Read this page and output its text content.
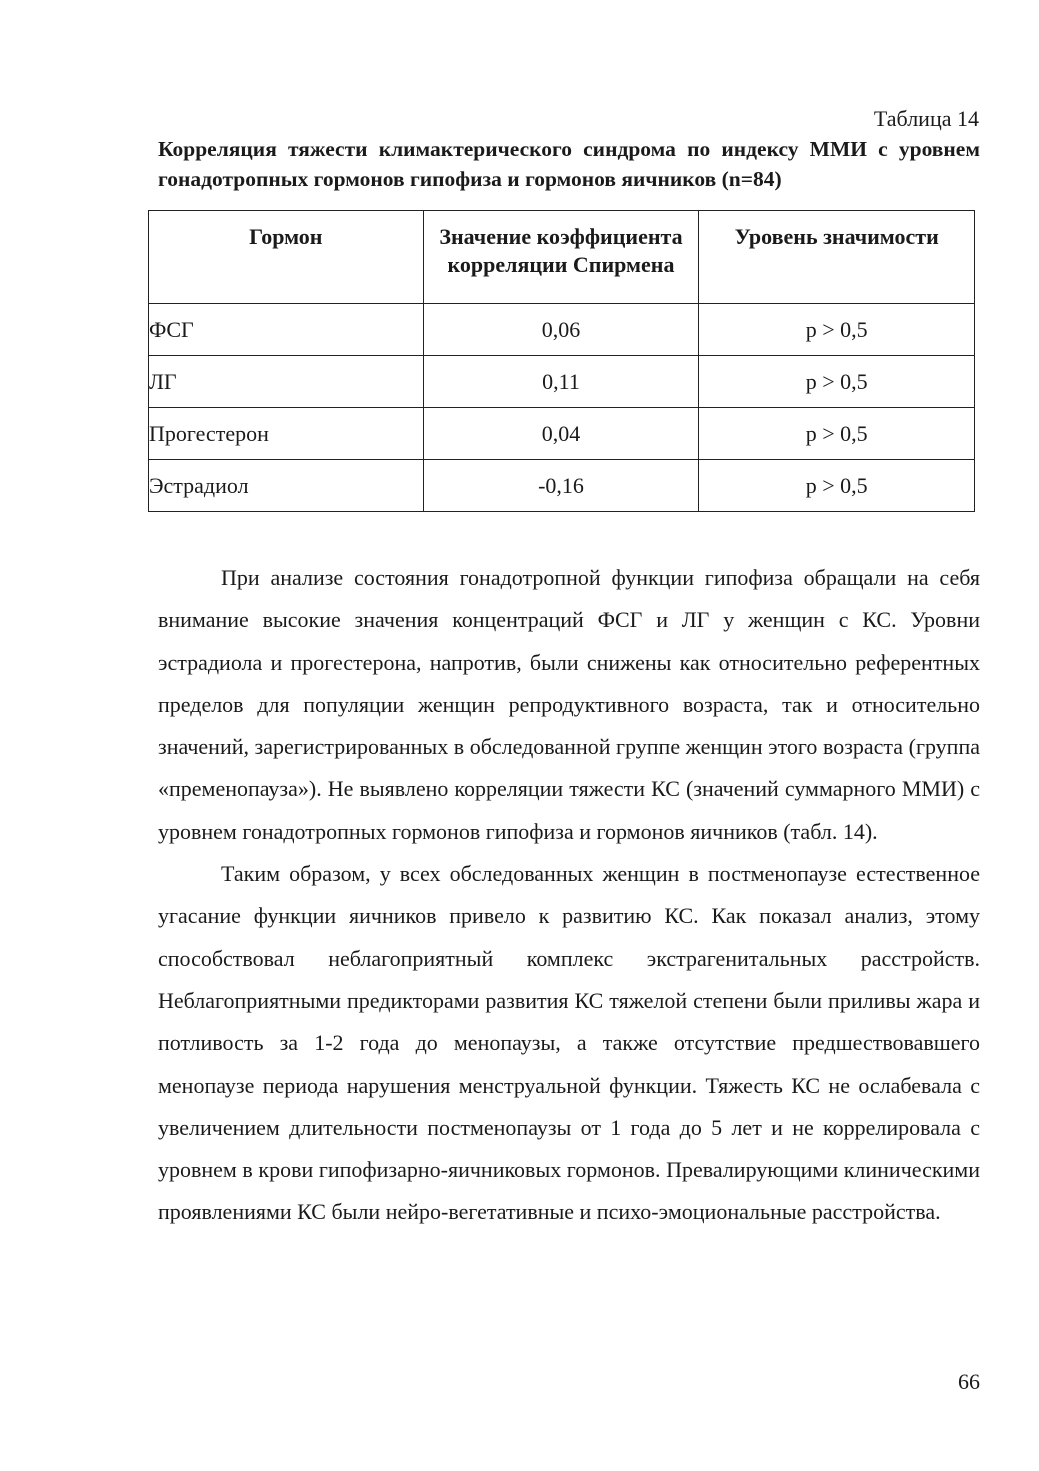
Таблица 14
Корреляция тяжести климактерического синдрома по индексу ММИ с уровнем гонадотропных гормонов гипофиза и гормонов яичников (n=84)
Гормон	Значение коэффициента корреляции Спирмена	Уровень значимости
ФСГ	0,06	p > 0,5
ЛГ	0,11	p > 0,5
Прогестерон	0,04	p > 0,5
Эстрадиол	-0,16	p > 0,5

При анализе состояния гонадотропной функции гипофиза обращали на себя внимание высокие значения концентраций ФСГ и ЛГ у женщин с КС. Уровни эстрадиола и прогестерона, напротив, были снижены как относительно референтных пределов для популяции женщин репродуктивного возраста, так и относительно значений, зарегистрированных в обследованной группе женщин этого возраста (группа «пременопауза»). Не выявлено корреляции тяжести КС (значений суммарного ММИ) с уровнем гонадотропных гормонов гипофиза и гормонов яичников (табл. 14).

Таким образом, у всех обследованных женщин в постменопаузе естественное угасание функции яичников привело к развитию КС. Как показал анализ, этому способствовал неблагоприятный комплекс экстрагенитальных расстройств. Неблагоприятными предикторами развития КС тяжелой степени были приливы жара и потливость за 1-2 года до менопаузы, а также отсутствие предшествовавшего менопаузе периода нарушения менструальной функции. Тяжесть КС не ослабевала с увеличением длительности постменопаузы от 1 года до 5 лет и не коррелировала с уровнем в крови гипофизарно-яичниковых гормонов. Превалирующими клиническими проявлениями КС были нейро-вегетативные и психо-эмоциональные расстройства.

66
